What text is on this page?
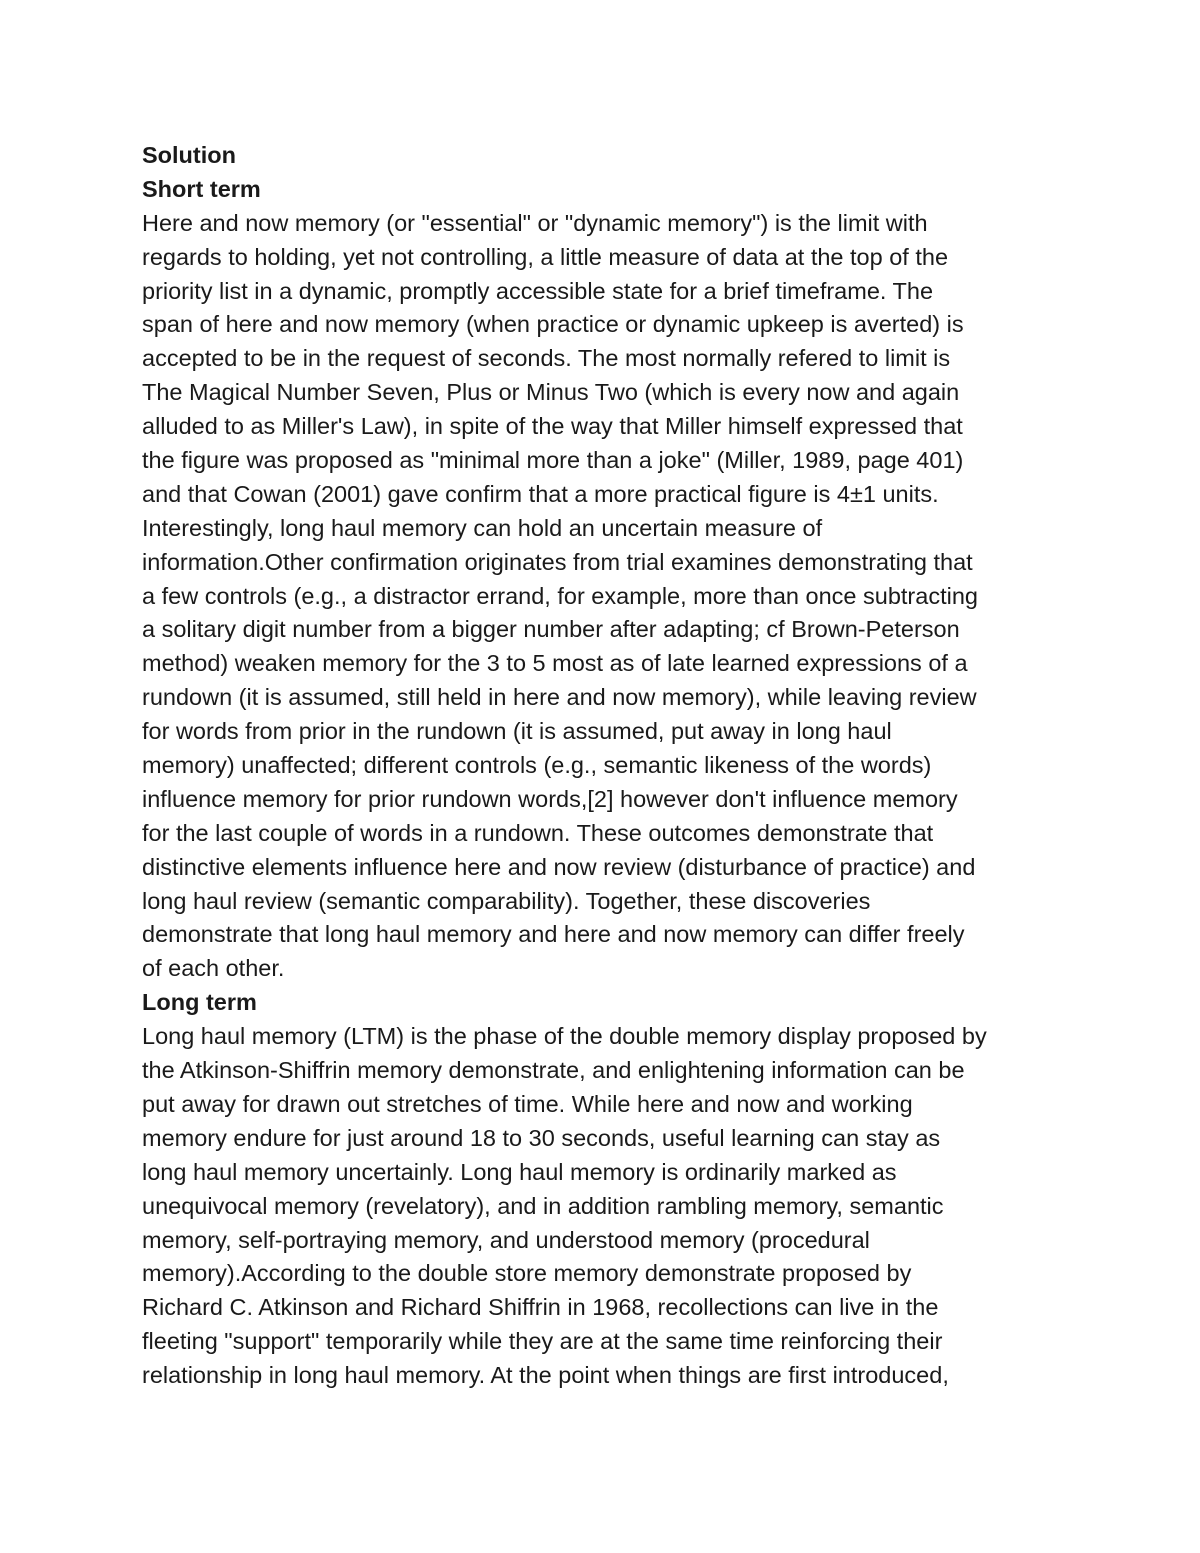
Solution
Short term
Here and now memory (or "essential" or "dynamic memory") is the limit with
regards to holding, yet not controlling, a little measure of data at the top of the
priority list in a dynamic, promptly accessible state for a brief timeframe. The
span of here and now memory (when practice or dynamic upkeep is averted) is
accepted to be in the request of seconds. The most normally refered to limit is
The Magical Number Seven, Plus or Minus Two (which is every now and again
alluded to as Miller's Law), in spite of the way that Miller himself expressed that
the figure was proposed as "minimal more than a joke" (Miller, 1989, page 401)
and that Cowan (2001) gave confirm that a more practical figure is 4±1 units.
Interestingly, long haul memory can hold an uncertain measure of
information.Other confirmation originates from trial examines demonstrating that
a few controls (e.g., a distractor errand, for example, more than once subtracting
a solitary digit number from a bigger number after adapting; cf Brown-Peterson
method) weaken memory for the 3 to 5 most as of late learned expressions of a
rundown (it is assumed, still held in here and now memory), while leaving review
for words from prior in the rundown (it is assumed, put away in long haul
memory) unaffected; different controls (e.g., semantic likeness of the words)
influence memory for prior rundown words,[2] however don't influence memory
for the last couple of words in a rundown. These outcomes demonstrate that
distinctive elements influence here and now review (disturbance of practice) and
long haul review (semantic comparability). Together, these discoveries
demonstrate that long haul memory and here and now memory can differ freely
of each other.
Long term
Long haul memory (LTM) is the phase of the double memory display proposed by
the Atkinson-Shiffrin memory demonstrate, and enlightening information can be
put away for drawn out stretches of time. While here and now and working
memory endure for just around 18 to 30 seconds, useful learning can stay as
long haul memory uncertainly. Long haul memory is ordinarily marked as
unequivocal memory (revelatory), and in addition rambling memory, semantic
memory, self-portraying memory, and understood memory (procedural
memory).According to the double store memory demonstrate proposed by
Richard C. Atkinson and Richard Shiffrin in 1968, recollections can live in the
fleeting "support" temporarily while they are at the same time reinforcing their
relationship in long haul memory. At the point when things are first introduced,
